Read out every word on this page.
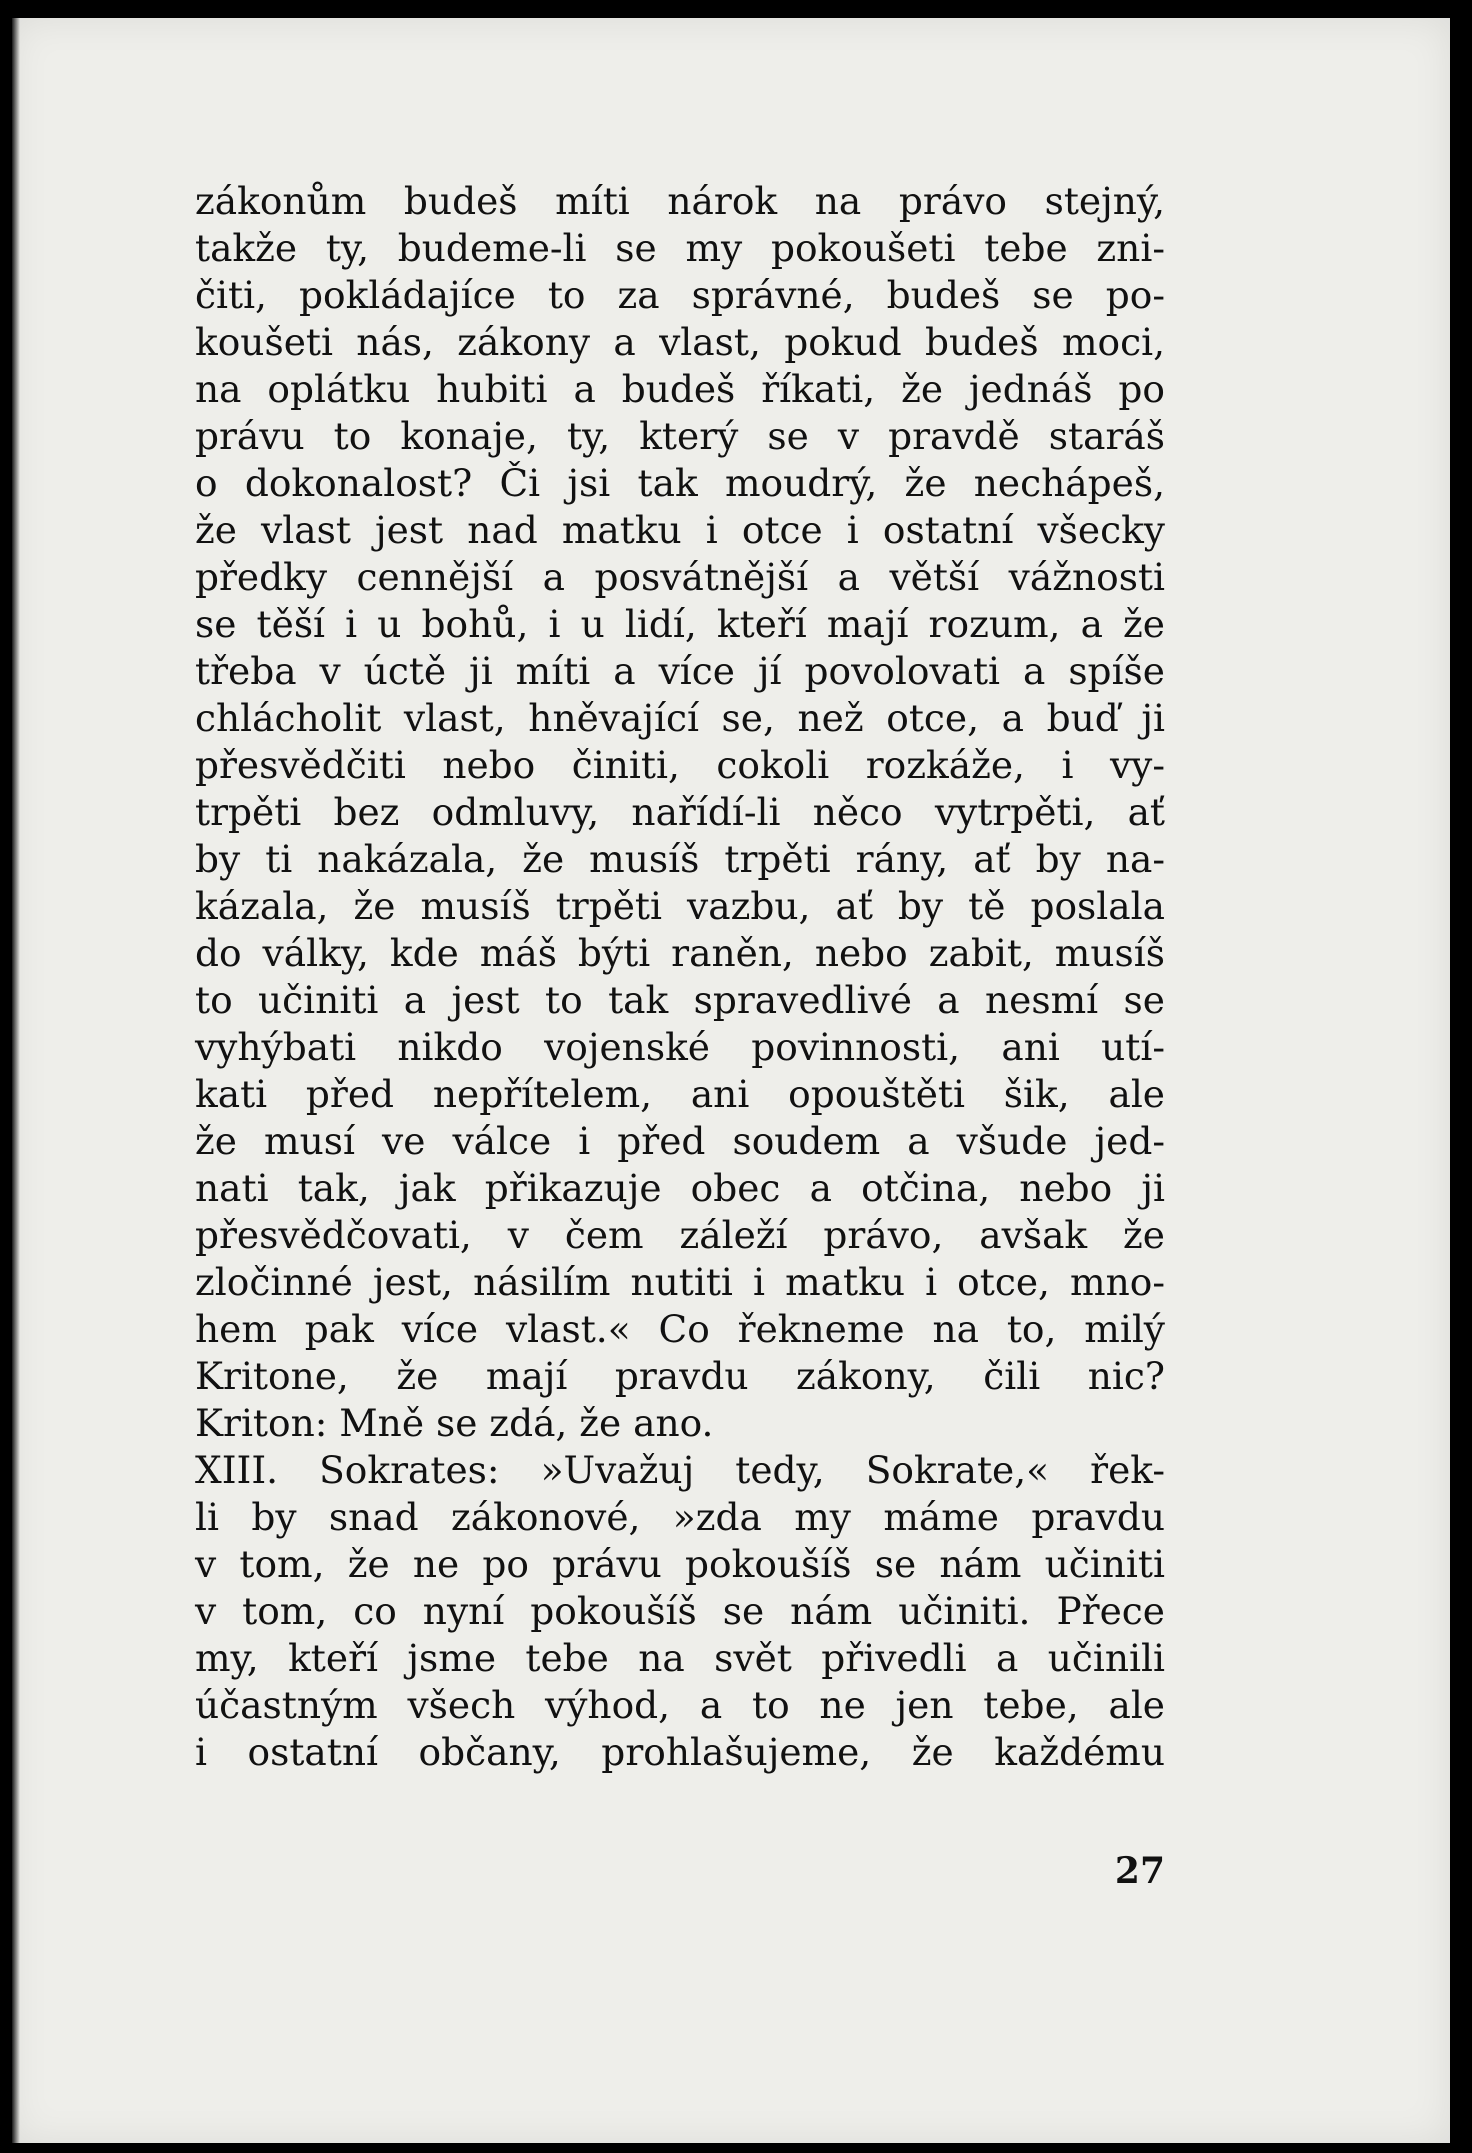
zákonům budeš míti nárok na právo stejný,
takže ty, budeme-li se my pokoušeti tebe zni-
čiti, pokládajíce to za správné, budeš se po-
koušeti nás, zákony a vlast, pokud budeš moci,
na oplátku hubiti a budeš říkati, že jednáš po
právu to konaje, ty, který se v pravdě staráš
o dokonalost? Či jsi tak moudrý, že nechápeš,
že vlast jest nad matku i otce i ostatní všecky
předky cennější a posvátnější a větší vážnosti
se těší i u bohů, i u lidí, kteří mají rozum, a že
třeba v úctě ji míti a více jí povolovati a spíše
chlácholit vlast, hněvající se, než otce, a buď ji
přesvědčiti nebo činiti, cokoli rozkáže, i vy-
trpěti bez odmluvy, nařídí-li něco vytrpěti, ať
by ti nakázala, že musíš trpěti rány, ať by na-
kázala, že musíš trpěti vazbu, ať by tě poslala
do války, kde máš býti raněn, nebo zabit, musíš
to učiniti a jest to tak spravedlivé a nesmí se
vyhýbati nikdo vojenské povinnosti, ani utí-
kati před nepřítelem, ani opouštěti šik, ale
že musí ve válce i před soudem a všude jed-
nati tak, jak přikazuje obec a otčina, nebo ji
přesvědčovati, v čem záleží právo, avšak že
zločinné jest, násilím nutiti i matku i otce, mno-
hem pak více vlast.« Co řekneme na to, milý
Kritone, že mají pravdu zákony, čili nic?
Kriton: Mně se zdá, že ano.
XIII. Sokrates: »Uvažuj tedy, Sokrate,« řek-
li by snad zákonové, »zda my máme pravdu
v tom, že ne po právu pokoušíš se nám učiniti
v tom, co nyní pokoušíš se nám učiniti. Přece
my, kteří jsme tebe na svět přivedli a učinili
účastným všech výhod, a to ne jen tebe, ale
i ostatní občany, prohlašujeme, že každému
27
